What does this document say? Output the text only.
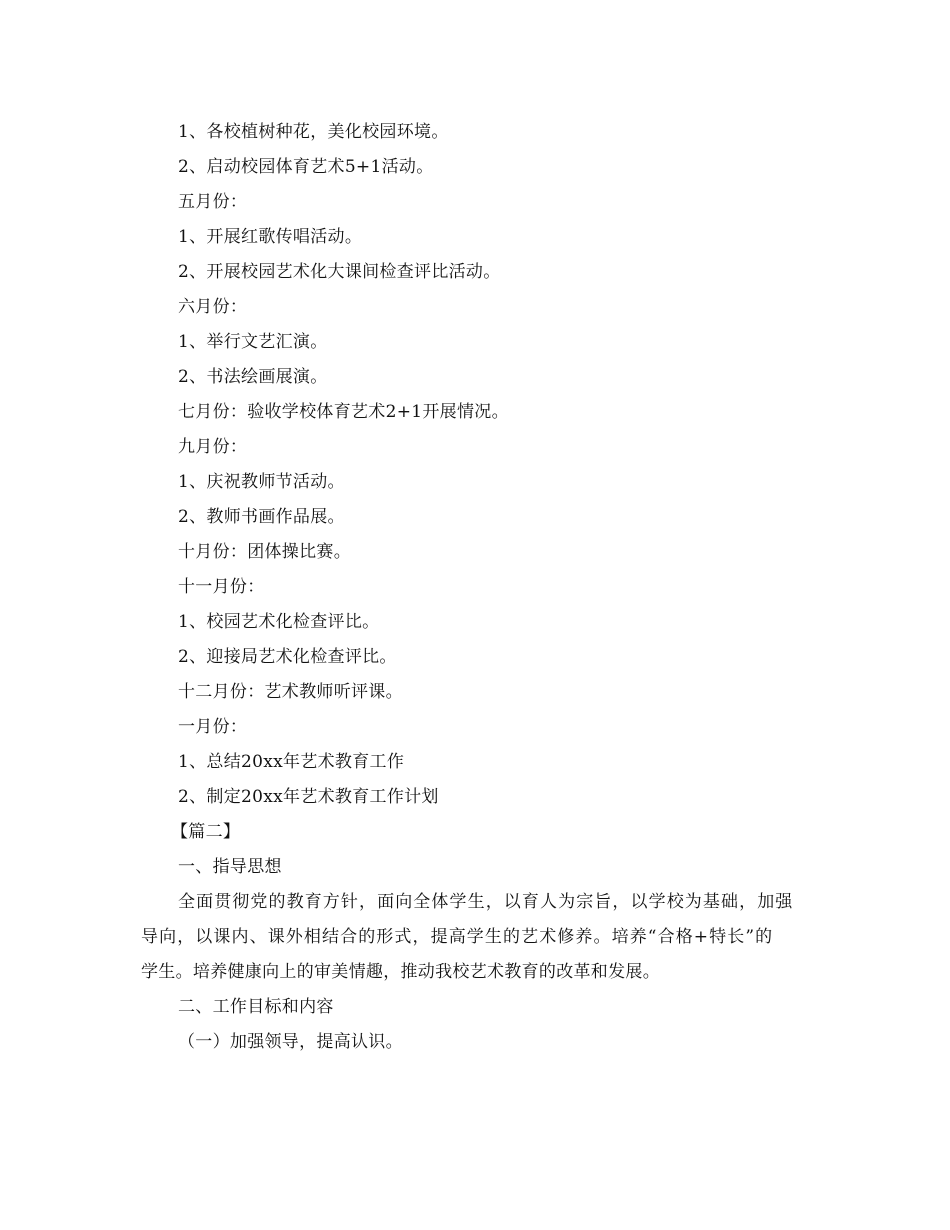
1、各校植树种花，美化校园环境。
2、启动校园体育艺术5+1活动。
五月份：
1、开展红歌传唱活动。
2、开展校园艺术化大课间检查评比活动。
六月份：
1、举行文艺汇演。
2、书法绘画展演。
七月份：验收学校体育艺术2+1开展情况。
九月份：
1、庆祝教师节活动。
2、教师书画作品展。
十月份：团体操比赛。
十一月份：
1、校园艺术化检查评比。
2、迎接局艺术化检查评比。
十二月份：艺术教师听评课。
一月份：
1、总结20xx年艺术教育工作
2、制定20xx年艺术教育工作计划
【篇二】
一、指导思想
全面贯彻党的教育方针，面向全体学生，以育人为宗旨，以学校为基础，加强
导向，以课内、课外相结合的形式，提高学生的艺术修养。培养“合格+特长”的
学生。培养健康向上的审美情趣，推动我校艺术教育的改革和发展。
二、工作目标和内容
（一）加强领导，提高认识。
